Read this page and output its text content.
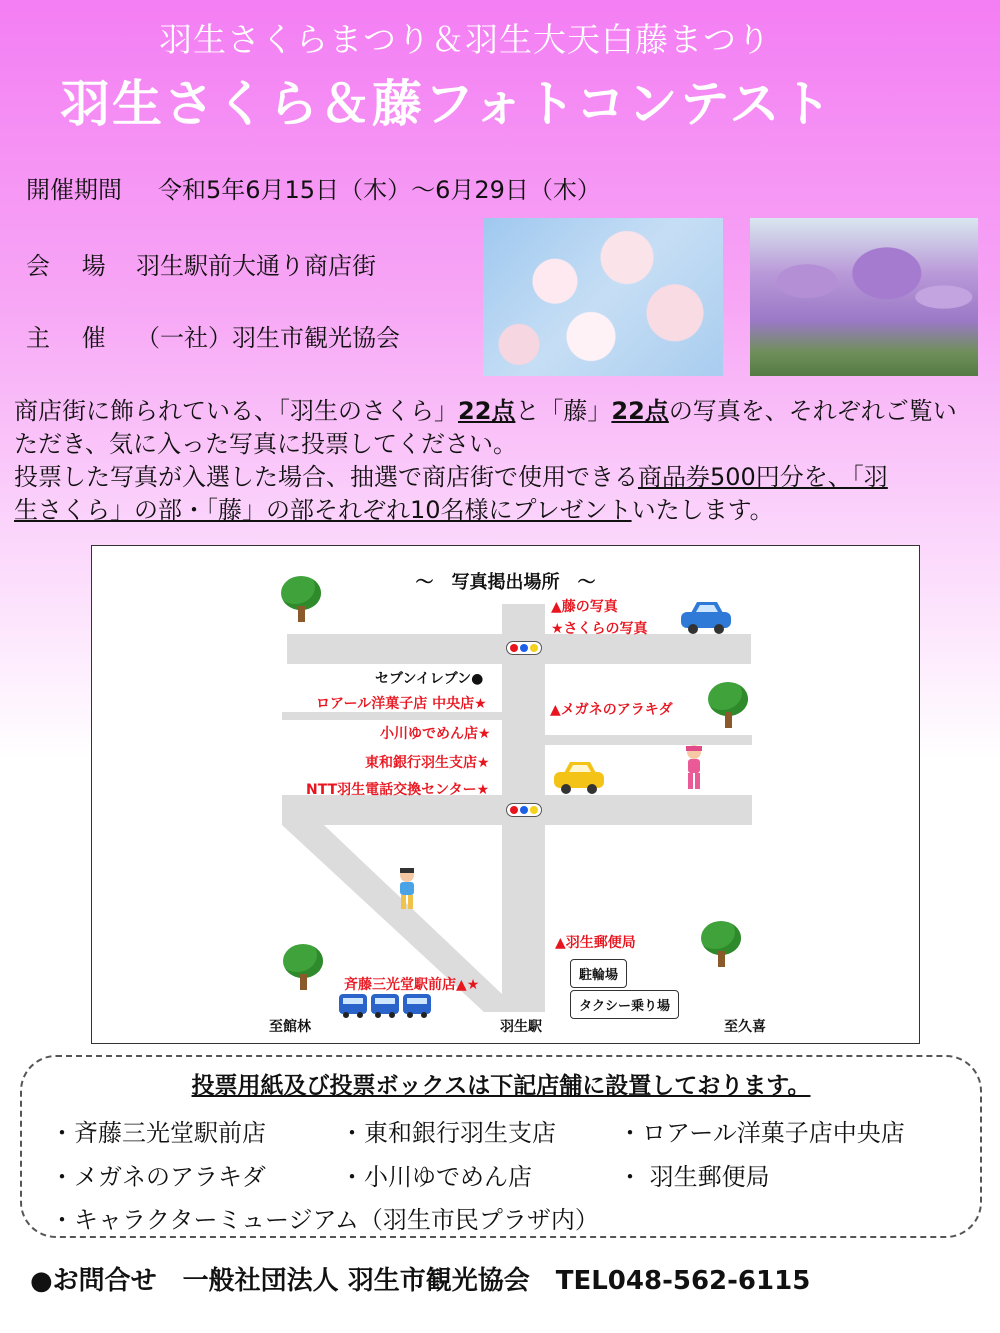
羽生さくらまつり＆羽生大天白藤まつり
羽生さくら＆藤フォトコンテスト
開催期間 令和5年6月15日（木）～6月29日（木）
会　 場 羽生駅前大通り商店街
主　 催 （一社）羽生市観光協会

商店街に飾られている、「羽生のさくら」22点と「藤」22点の写真を、それぞれご覧い

ただき、気に入った写真に投票してください。

投票した写真が入選した場合、抽選で商店街で使用できる商品券500円分を、「羽

生さくら」の部・「藤」の部それぞれ10名様にプレゼントいたします。

～　写真掲出場所　～
▲藤の写真
★さくらの写真
セブンイレブン●
ロアール洋菓子店 中央店★	▲メガネのアラキダ
小川ゆでめん店★
東和銀行羽生支店★
NTT羽生電話交換センター★
▲羽生郵便局
駐輪場
タクシー乗り場
斉藤三光堂駅前店▲★
至館林	羽生駅	至久喜
投票用紙及び投票ボックスは下記店舗に設置しております。
・斉藤三光堂駅前店	・東和銀行羽生支店	・ロアール洋菓子店中央店
・メガネのアラキダ	・小川ゆでめん店	・ 羽生郵便局
・キャラクターミュージアム（羽生市民プラザ内）
●お問合せ　一般社団法人 羽生市観光協会　TEL048-562-6115
